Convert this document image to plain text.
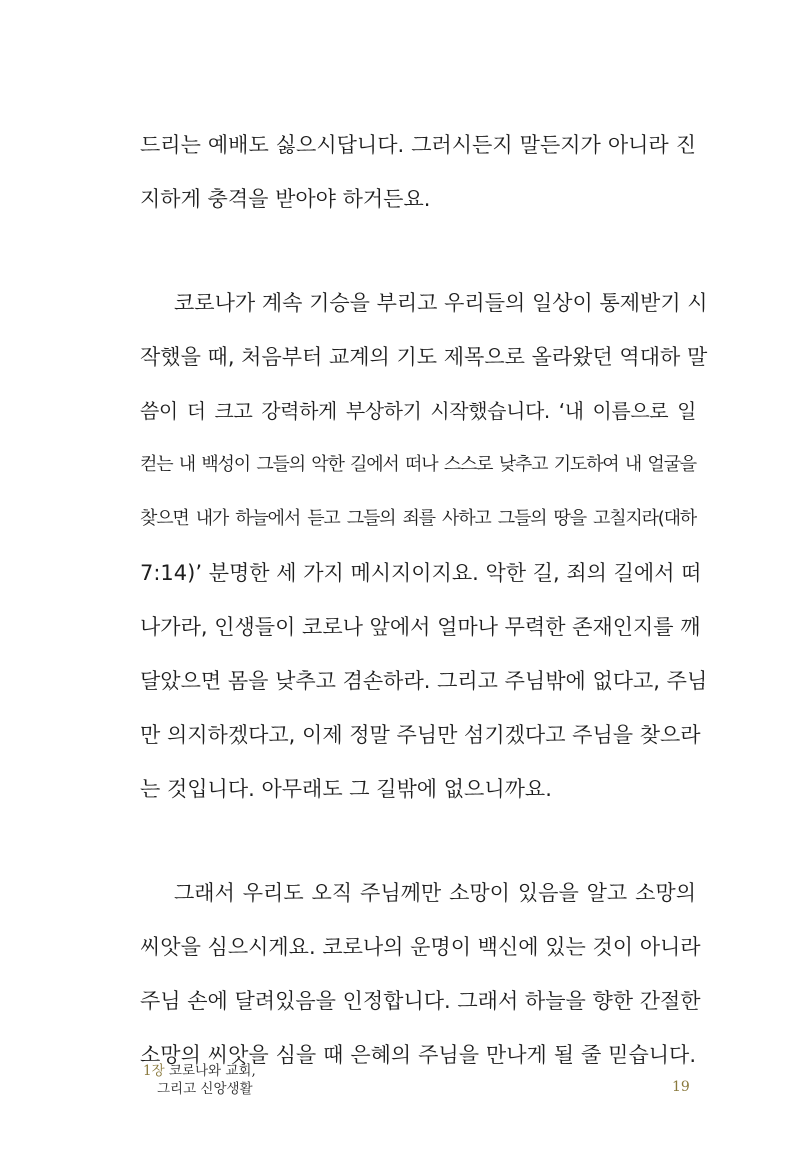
드리는 예배도 싫으시답니다. 그러시든지 말든지가 아니라 진
지하게 충격을 받아야 하거든요.

코로나가 계속 기승을 부리고 우리들의 일상이 통제받기 시
작했을 때, 처음부터 교계의 기도 제목으로 올라왔던 역대하 말
씀이 더 크고 강력하게 부상하기 시작했습니다. ‘내 이름으로 일
컫는 내 백성이 그들의 악한 길에서 떠나 스스로 낮추고 기도하여 내 얼굴을
찾으면 내가 하늘에서 듣고 그들의 죄를 사하고 그들의 땅을 고칠지라(대하
7:14)’ 분명한 세 가지 메시지이지요. 악한 길, 죄의 길에서 떠
나가라, 인생들이 코로나 앞에서 얼마나 무력한 존재인지를 깨
달았으면 몸을 낮추고 겸손하라. 그리고 주님밖에 없다고, 주님
만 의지하겠다고, 이제 정말 주님만 섬기겠다고 주님을 찾으라
는 것입니다. 아무래도 그 길밖에 없으니까요.

그래서 우리도 오직 주님께만 소망이 있음을 알고 소망의
씨앗을 심으시게요. 코로나의 운명이 백신에 있는 것이 아니라
주님 손에 달려있음을 인정합니다. 그래서 하늘을 향한 간절한
소망의 씨앗을 심을 때 은혜의 주님을 만나게 될 줄 믿습니다.

1장 코로나와 교회,
그리고 신앙생활	19
